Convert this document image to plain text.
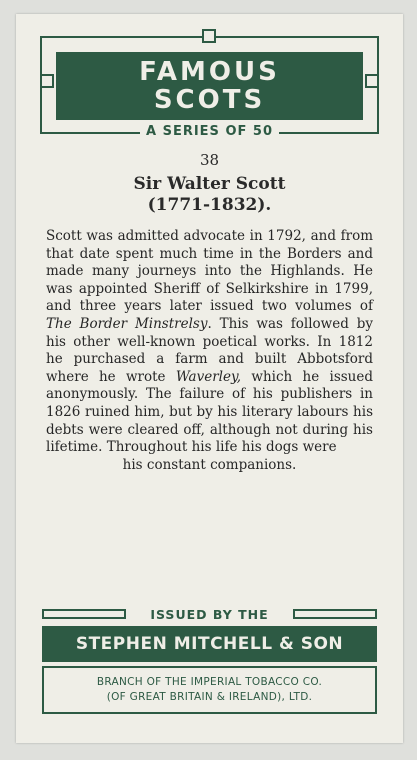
FAMOUS
SCOTS
A SERIES OF 50
38
Sir Walter Scott
(1771-1832).
Scott was admitted advocate in 1792, and from that date spent much time in the Borders and made many journeys into the Highlands. He was appointed Sheriff of Selkirkshire in 1799, and three years later issued two volumes of The Border Minstrelsy. This was followed by his other well-known poetical works. In 1812 he purchased a farm and built Abbotsford where he wrote Waverley, which he issued anonymously. The failure of his publishers in 1826 ruined him, but by his literary labours his debts were cleared off, although not during his lifetime. Throughout his life his dogs were
his constant companions.
ISSUED BY THE
STEPHEN MITCHELL & SON
BRANCH OF THE IMPERIAL TOBACCO CO.
(OF GREAT BRITAIN & IRELAND), LTD.
